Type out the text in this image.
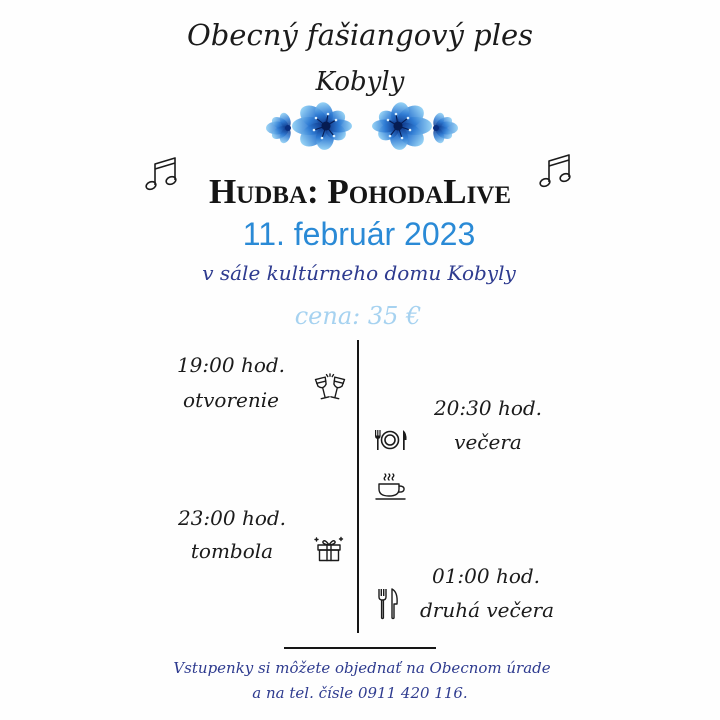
Obecný fašiangový ples
Kobyly
Hudba: PohodaLive
11. február 2023
v sále kultúrneho domu Kobyly
cena: 35 €
19:00 hod.
otvorenie	20:30 hod.
večera
23:00 hod.
tombola
01:00 hod.
druhá večera
Vstupenky si môžete objednať na Obecnom úrade
a na tel. čísle 0911 420 116.
